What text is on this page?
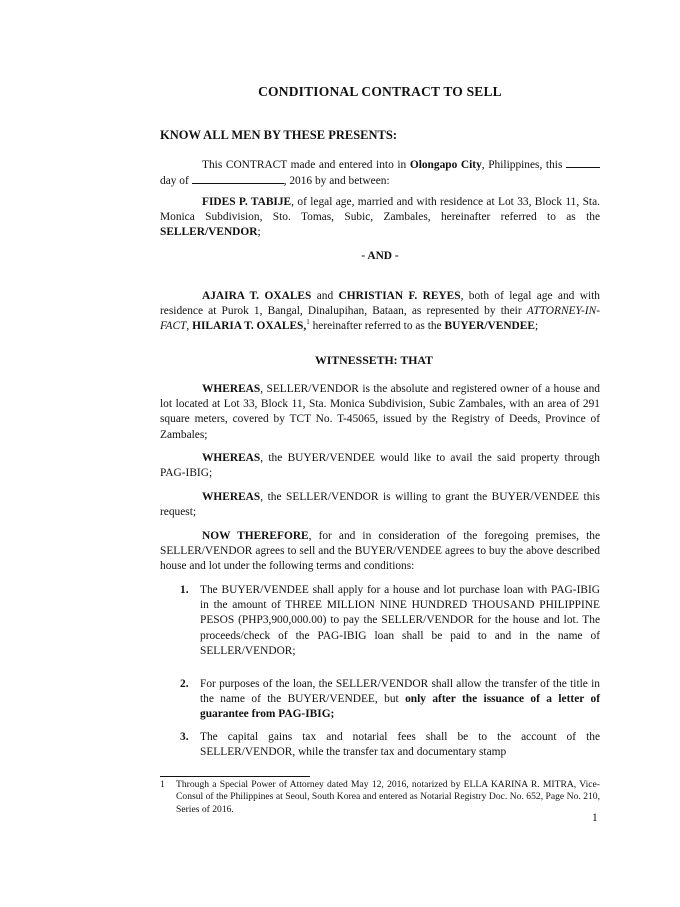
CONDITIONAL CONTRACT TO SELL
KNOW ALL MEN BY THESE PRESENTS:

This CONTRACT made and entered into in Olongapo City, Philippines, this day of	, 2016 by and between:

FIDES P. TABIJE, of legal age, married and with residence at Lot 33, Block 11, Sta. Monica Subdivision, Sto. Tomas, Subic, Zambales, hereinafter referred to as the SELLER/VENDOR;

- AND -

AJAIRA T. OXALES and CHRISTIAN F. REYES, both of legal age and with residence at Purok 1, Bangal, Dinalupihan, Bataan, as represented by their ATTORNEY-IN-FACT, HILARIA T. OXALES,$^1$ hereinafter referred to as the BUYER/VENDEE;

WITNESSETH: THAT

WHEREAS, SELLER/VENDOR is the absolute and registered owner of a house and lot located at Lot 33, Block 11, Sta. Monica Subdivision, Subic Zambales, with an area of 291 square meters, covered by TCT No. T-45065, issued by the Registry of Deeds, Province of Zambales;

WHEREAS, the BUYER/VENDEE would like to avail the said property through PAG-IBIG;

WHEREAS, the SELLER/VENDOR is willing to grant the BUYER/VENDEE this request;

NOW THEREFORE, for and in consideration of the foregoing premises, the SELLER/VENDOR agrees to sell and the BUYER/VENDEE agrees to buy the above described house and lot under the following terms and conditions:

1. The BUYER/VENDEE shall apply for a house and lot purchase loan with PAG-IBIG in the amount of THREE MILLION NINE HUNDRED THOUSAND PHILIPPINE PESOS (PHP3,900,000.00) to pay the SELLER/VENDOR for the house and lot. The proceeds/check of the PAG-IBIG loan shall be paid to and in the name of SELLER/VENDOR;
2. For purposes of the loan, the SELLER/VENDOR shall allow the transfer of the title in the name of the BUYER/VENDEE, but only after the issuance of a letter of guarantee from PAG-IBIG;
3. The capital gains tax and notarial fees shall be to the account of the SELLER/VENDOR, while the transfer tax and documentary stamp
1	Through a Special Power of Attorney dated May 12, 2016, notarized by ELLA KARINA R. MITRA, Vice-Consul of the Philippines at Seoul, South Korea and entered as Notarial Registry Doc. No. 652, Page No. 210, Series of 2016.
1
